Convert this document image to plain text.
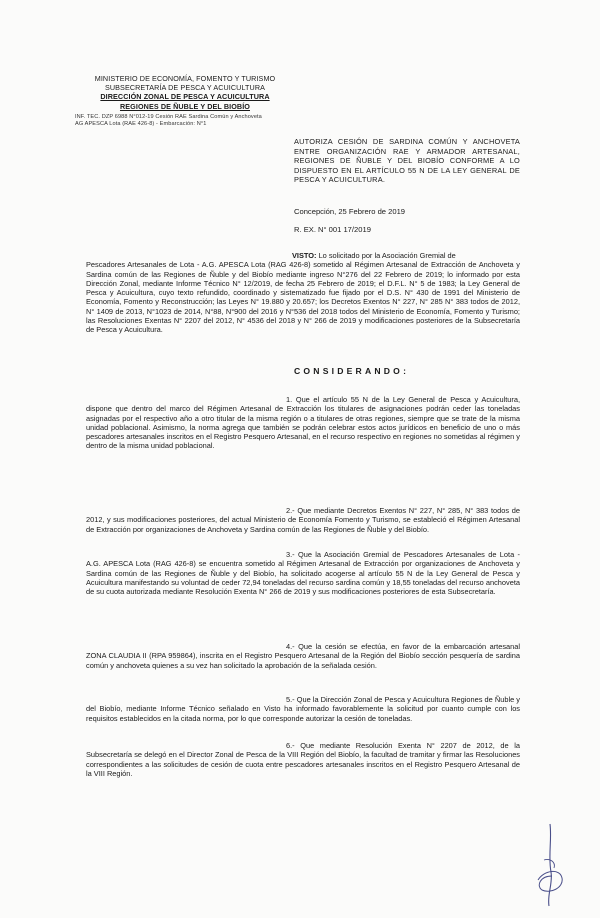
MINISTERIO DE ECONOMÍA, FOMENTO Y TURISMO
SUBSECRETARÍA DE PESCA Y ACUICULTURA
DIRECCIÓN ZONAL DE PESCA Y ACUICULTURA
REGIONES DE ÑUBLE Y DEL BIOBÍO
INF. TEC. DZP 6988 N°012-19 Cesión RAE Sardina Común y Anchoveta
AG APESCA Lota (RAE 426-8) - Embarcación: N°1
AUTORIZA CESIÓN DE SARDINA COMÚN Y ANCHOVETA ENTRE ORGANIZACIÓN RAE Y ARMADOR ARTESANAL, REGIONES DE ÑUBLE Y DEL BIOBÍO CONFORME A LO DISPUESTO EN EL ARTÍCULO 55 N DE LA LEY GENERAL DE PESCA Y ACUICULTURA.
Concepción, 25 Febrero de 2019
R. EX. N° 001 17/2019
VISTO: Lo solicitado por la Asociación Gremial de
Pescadores Artesanales de Lota - A.G. APESCA Lota (RAG 426-8) sometido al Régimen Artesanal de Extracción de Anchoveta y Sardina común de las Regiones de Ñuble y del Biobío mediante ingreso N°276 del 22 Febrero de 2019; lo informado por esta Dirección Zonal, mediante Informe Técnico N° 12/2019, de fecha 25 Febrero de 2019; el D.F.L. N° 5 de 1983; la Ley General de Pesca y Acuicultura, cuyo texto refundido, coordinado y sistematizado fue fijado por el D.S. N° 430 de 1991 del Ministerio de Economía, Fomento y Reconstrucción; las Leyes N° 19.880 y 20.657; los Decretos Exentos N° 227, N° 285 N° 383 todos de 2012, N° 1409 de 2013, N°1023 de 2014, N°88, N°900 del 2016 y N°536 del 2018 todos del Ministerio de Economía, Fomento y Turismo; las Resoluciones Exentas N° 2207 del 2012, N° 4536 del 2018 y N° 266 de 2019 y modificaciones posteriores de la Subsecretaría de Pesca y Acuicultura.
CONSIDERANDO:
1. Que el artículo 55 N de la Ley General de Pesca y Acuicultura, dispone que dentro del marco del Régimen Artesanal de Extracción los titulares de asignaciones podrán ceder las toneladas asignadas por el respectivo año a otro titular de la misma región o a titulares de otras regiones, siempre que se trate de la misma unidad poblacional. Asimismo, la norma agrega que también se podrán celebrar estos actos jurídicos en beneficio de uno o más pescadores artesanales inscritos en el Registro Pesquero Artesanal, en el recurso respectivo en regiones no sometidas al régimen y dentro de la misma unidad poblacional.
2.- Que mediante Decretos Exentos N° 227, N° 285, N° 383 todos de 2012, y sus modificaciones posteriores, del actual Ministerio de Economía Fomento y Turismo, se estableció el Régimen Artesanal de Extracción por organizaciones de Anchoveta y Sardina común de las Regiones de Ñuble y del Biobío.
3.- Que la Asociación Gremial de Pescadores Artesanales de Lota - A.G. APESCA Lota (RAG 426-8) se encuentra sometido al Régimen Artesanal de Extracción por organizaciones de Anchoveta y Sardina común de las Regiones de Ñuble y del Biobío, ha solicitado acogerse al artículo 55 N de la Ley General de Pesca y Acuicultura manifestando su voluntad de ceder 72,94 toneladas del recurso sardina común y 18,55 toneladas del recurso anchoveta de su cuota autorizada mediante Resolución Exenta N° 266 de 2019 y sus modificaciones posteriores de esta Subsecretaría.
4.- Que la cesión se efectúa, en favor de la embarcación artesanal ZONA CLAUDIA II (RPA 959864), inscrita en el Registro Pesquero Artesanal de la Región del Biobío sección pesquería de sardina común y anchoveta quienes a su vez han solicitado la aprobación de la señalada cesión.
5.- Que la Dirección Zonal de Pesca y Acuicultura Regiones de Ñuble y del Biobío, mediante Informe Técnico señalado en Visto ha informado favorablemente la solicitud por cuanto cumple con los requisitos establecidos en la citada norma, por lo que corresponde autorizar la cesión de toneladas.
6.- Que mediante Resolución Exenta N° 2207 de 2012, de la Subsecretaría se delegó en el Director Zonal de Pesca de la VIII Región del Biobío, la facultad de tramitar y firmar las Resoluciones correspondientes a las solicitudes de cesión de cuota entre pescadores artesanales inscritos en el Registro Pesquero Artesanal de la VIII Región.
